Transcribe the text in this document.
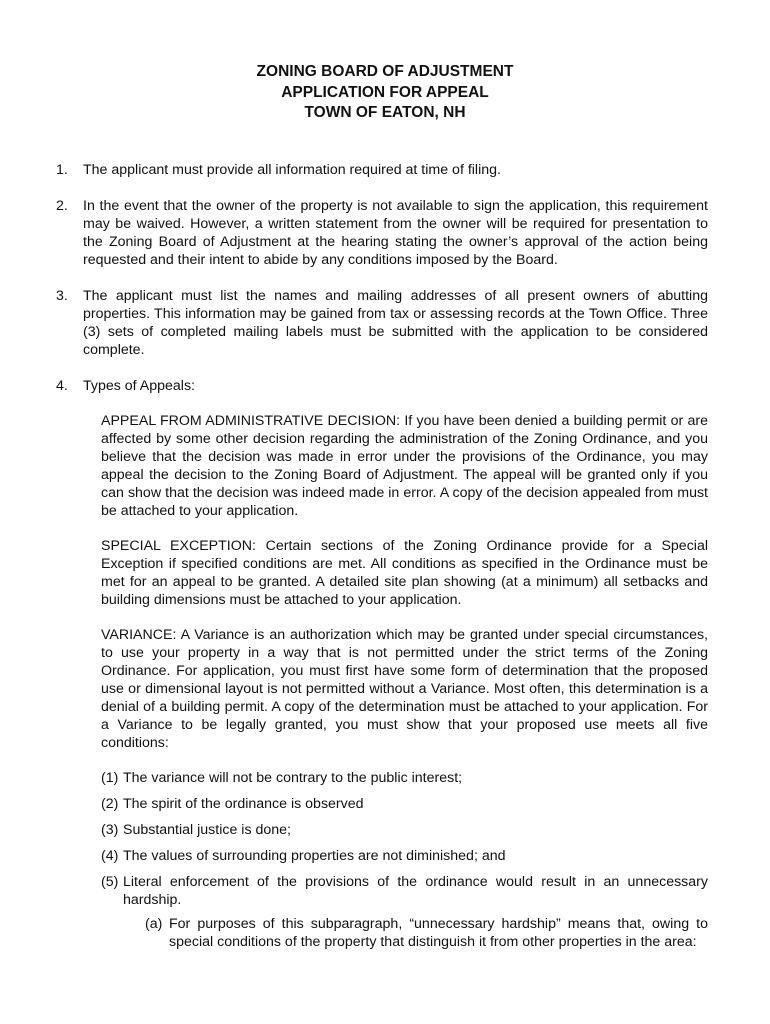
ZONING BOARD OF ADJUSTMENT
APPLICATION FOR APPEAL
TOWN OF EATON, NH
1. The applicant must provide all information required at time of filing.
2. In the event that the owner of the property is not available to sign the application, this requirement may be waived. However, a written statement from the owner will be required for presentation to the Zoning Board of Adjustment at the hearing stating the owner’s approval of the action being requested and their intent to abide by any conditions imposed by the Board.
3. The applicant must list the names and mailing addresses of all present owners of abutting properties. This information may be gained from tax or assessing records at the Town Office. Three (3) sets of completed mailing labels must be submitted with the application to be considered complete.
4. Types of Appeals:
APPEAL FROM ADMINISTRATIVE DECISION: If you have been denied a building permit or are affected by some other decision regarding the administration of the Zoning Ordinance, and you believe that the decision was made in error under the provisions of the Ordinance, you may appeal the decision to the Zoning Board of Adjustment. The appeal will be granted only if you can show that the decision was indeed made in error. A copy of the decision appealed from must be attached to your application.
SPECIAL EXCEPTION: Certain sections of the Zoning Ordinance provide for a Special Exception if specified conditions are met. All conditions as specified in the Ordinance must be met for an appeal to be granted. A detailed site plan showing (at a minimum) all setbacks and building dimensions must be attached to your application.
VARIANCE: A Variance is an authorization which may be granted under special circumstances, to use your property in a way that is not permitted under the strict terms of the Zoning Ordinance. For application, you must first have some form of determination that the proposed use or dimensional layout is not permitted without a Variance. Most often, this determination is a denial of a building permit. A copy of the determination must be attached to your application. For a Variance to be legally granted, you must show that your proposed use meets all five conditions:
(1) The variance will not be contrary to the public interest;
(2) The spirit of the ordinance is observed
(3) Substantial justice is done;
(4) The values of surrounding properties are not diminished; and
(5) Literal enforcement of the provisions of the ordinance would result in an unnecessary hardship.
(a) For purposes of this subparagraph, “unnecessary hardship” means that, owing to special conditions of the property that distinguish it from other properties in the area:
